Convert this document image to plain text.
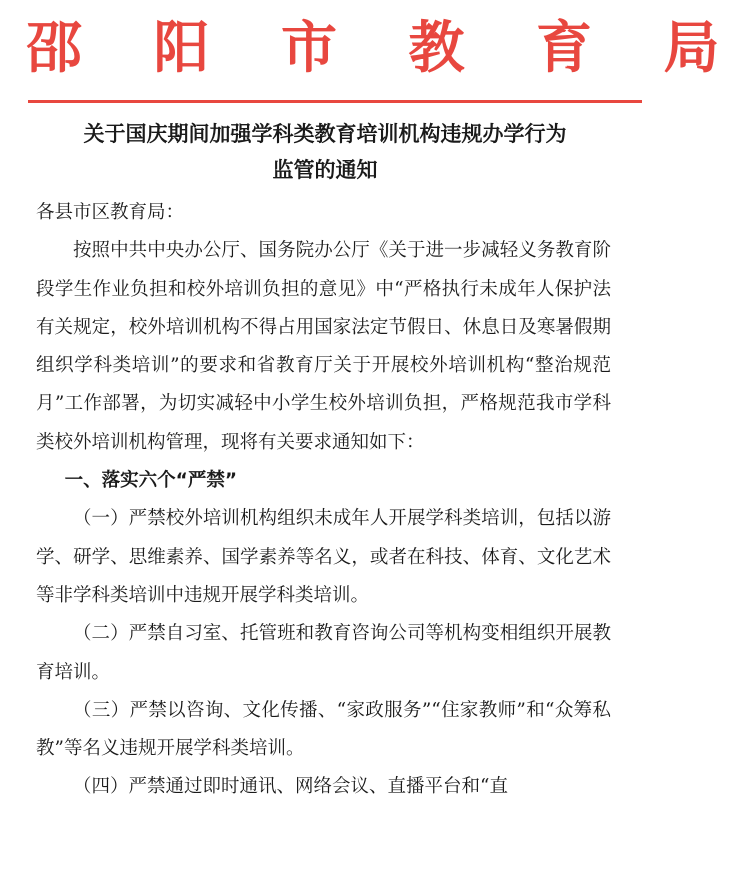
邵 阳 市 教 育 局
关于国庆期间加强学科类教育培训机构违规办学行为
监管的通知

各县市区教育局：

按照中共中央办公厅、国务院办公厅《关于进一步减轻义务教育阶段学生作业负担和校外培训负担的意见》中“严格执行未成年人保护法有关规定，校外培训机构不得占用国家法定节假日、休息日及寒暑假期组织学科类培训”的要求和省教育厅关于开展校外培训机构“整治规范月”工作部署，为切实减轻中小学生校外培训负担，严格规范我市学科类校外培训机构管理，现将有关要求通知如下：

一、落实六个“严禁”

（一）严禁校外培训机构组织未成年人开展学科类培训，包括以游学、研学、思维素养、国学素养等名义，或者在科技、体育、文化艺术等非学科类培训中违规开展学科类培训。

（二）严禁自习室、托管班和教育咨询公司等机构变相组织开展教育培训。

（三）严禁以咨询、文化传播、“家政服务”“住家教师”和“众筹私教”等名义违规开展学科类培训。

（四）严禁通过即时通讯、网络会议、直播平台和“直
